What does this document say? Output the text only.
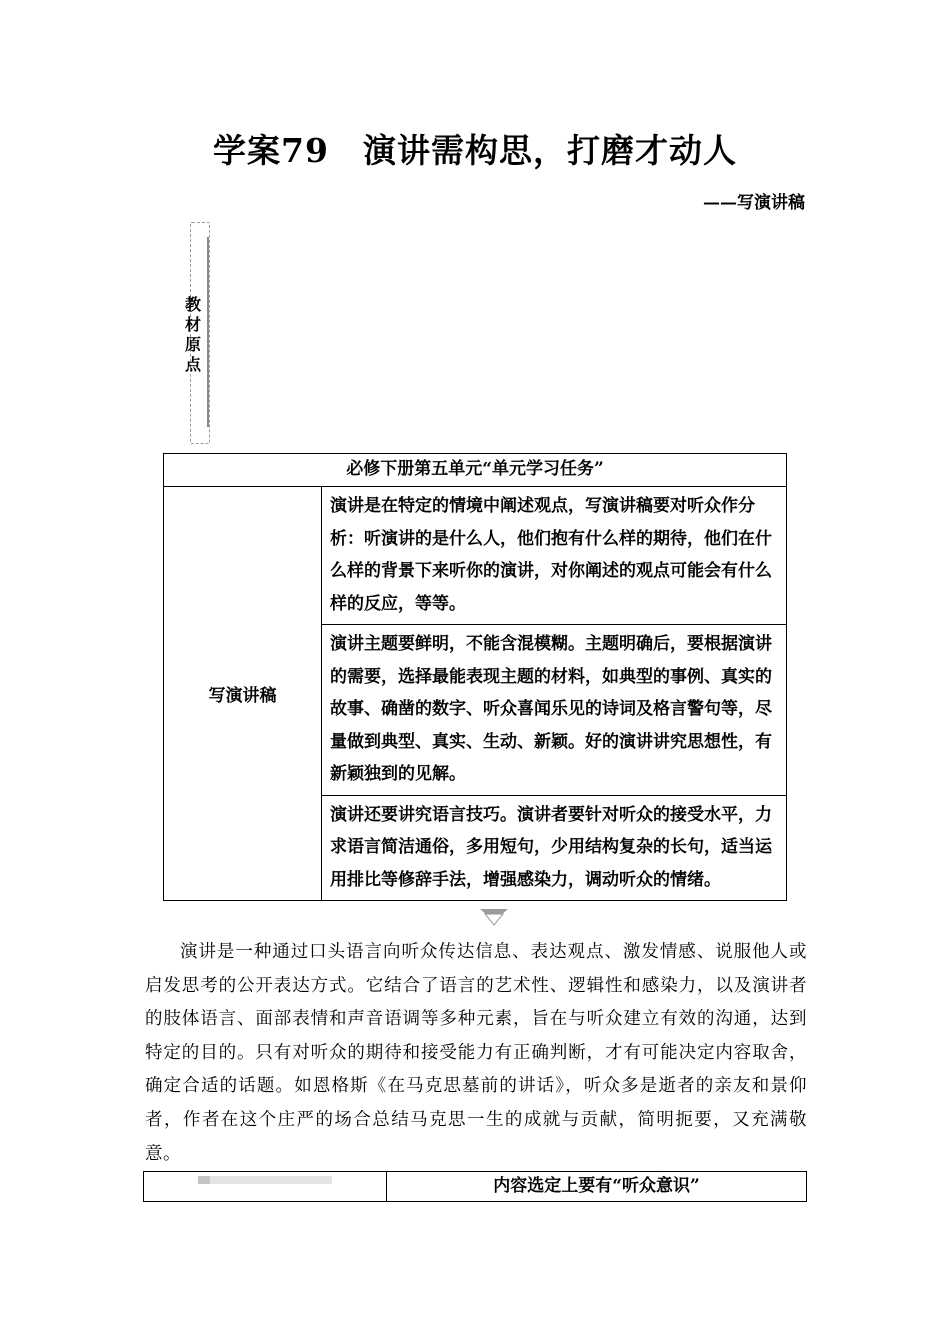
学案79　演讲需构思，打磨才动人
——写演讲稿
教材原点
必修下册第五单元“单元学习任务”
写演讲稿	演讲是在特定的情境中阐述观点，写演讲稿要对听众作分析：听演讲的是什么人，他们抱有什么样的期待，他们在什么样的背景下来听你的演讲，对你阐述的观点可能会有什么样的反应，等等。
演讲主题要鲜明，不能含混模糊。主题明确后，要根据演讲的需要，选择最能表现主题的材料，如典型的事例、真实的故事、确凿的数字、听众喜闻乐见的诗词及格言警句等，尽量做到典型、真实、生动、新颖。好的演讲讲究思想性，有新颖独到的见解。
演讲还要讲究语言技巧。演讲者要针对听众的接受水平，力求语言简洁通俗，多用短句，少用结构复杂的长句，适当运用排比等修辞手法，增强感染力，调动听众的情绪。
演讲是一种通过口头语言向听众传达信息、表达观点、激发情感、说服他人或启发思考的公开表达方式。它结合了语言的艺术性、逻辑性和感染力，以及演讲者的肢体语言、面部表情和声音语调等多种元素，旨在与听众建立有效的沟通，达到特定的目的。只有对听众的期待和接受能力有正确判断，才有可能决定内容取舍，确定合适的话题。如恩格斯《在马克思墓前的讲话》，听众多是逝者的亲友和景仰者，作者在这个庄严的场合总结马克思一生的成就与贡献，简明扼要，又充满敬意。
内容选定上要有“听众意识”
